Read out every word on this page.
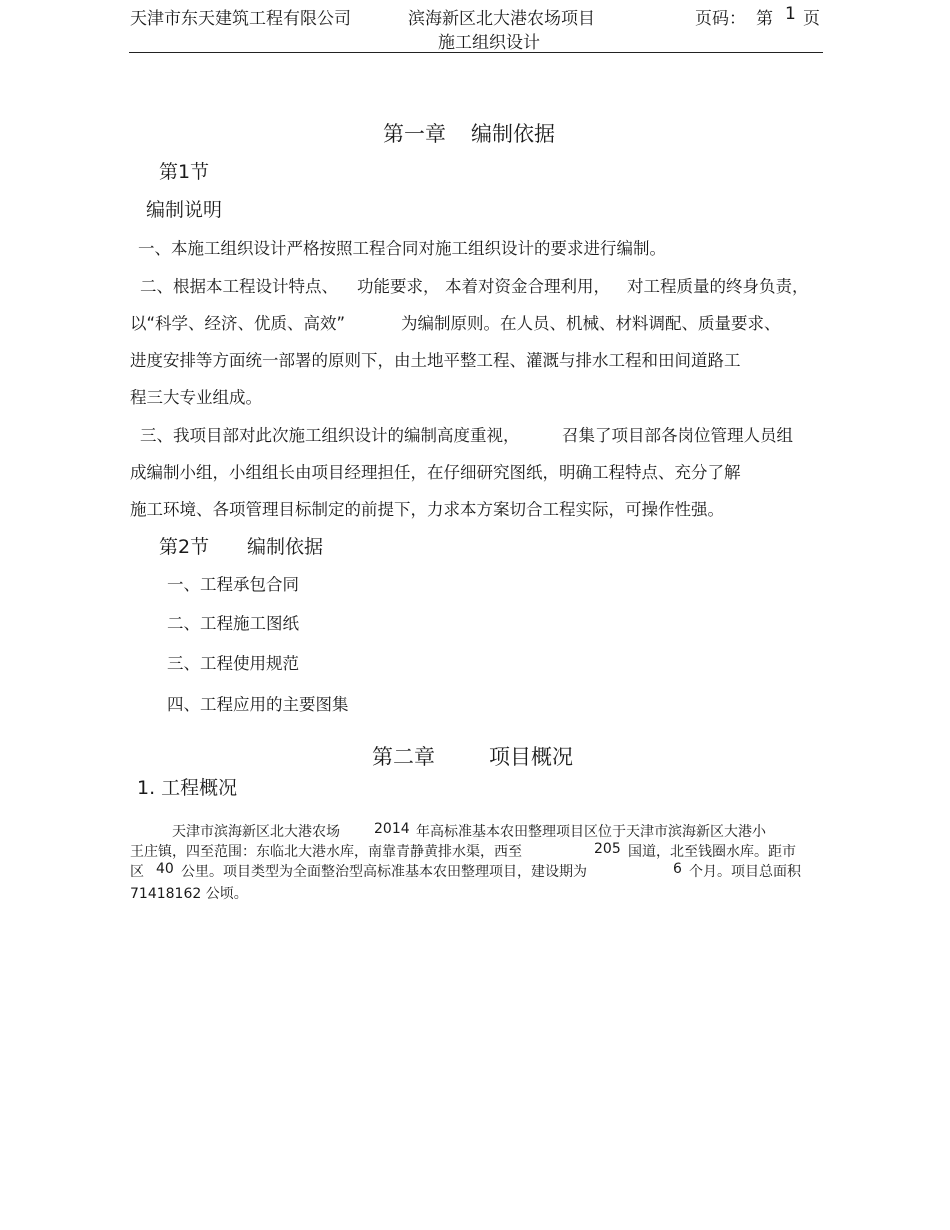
天津市东天建筑工程有限公司	滨海新区北大港农场项目
施工组织设计
页码： 第 1 页
第一章 编制依据
第1节
编制说明
一、本施工组织设计严格按照工程合同对施工组织设计的要求进行编制。
二、根据本工程设计特点、 功能要求， 本着对资金合理利用， 对工程质量的终身负责，
以“科学、经济、优质、高效”	为编制原则。在人员、机械、材料调配、质量要求、
进度安排等方面统一部署的原则下，由土地平整工程、灌溉与排水工程和田间道路工
程三大专业组成。
三、我项目部对此次施工组织设计的编制高度重视，	召集了项目部各岗位管理人员组
成编制小组，小组组长由项目经理担任，在仔细研究图纸，明确工程特点、充分了解
施工环境、各项管理目标制定的前提下，力求本方案切合工程实际，可操作性强。
第2节 编制依据
一、工程承包合同
二、工程施工图纸
三、工程使用规范
四、工程应用的主要图集
第二章	项目概况
1. 工程概况
天津市滨海新区北大港农场 2014 年高标准基本农田整理项目区位于天津市滨海新区大港小
王庄镇，四至范围：东临北大港水库，南靠青静黄排水渠，西至	205 国道，北至钱圈水库。距市
区 40 公里。项目类型为全面整治型高标准基本农田整理项目，建设期为	6 个月。项目总面积
71418162 公顷。
